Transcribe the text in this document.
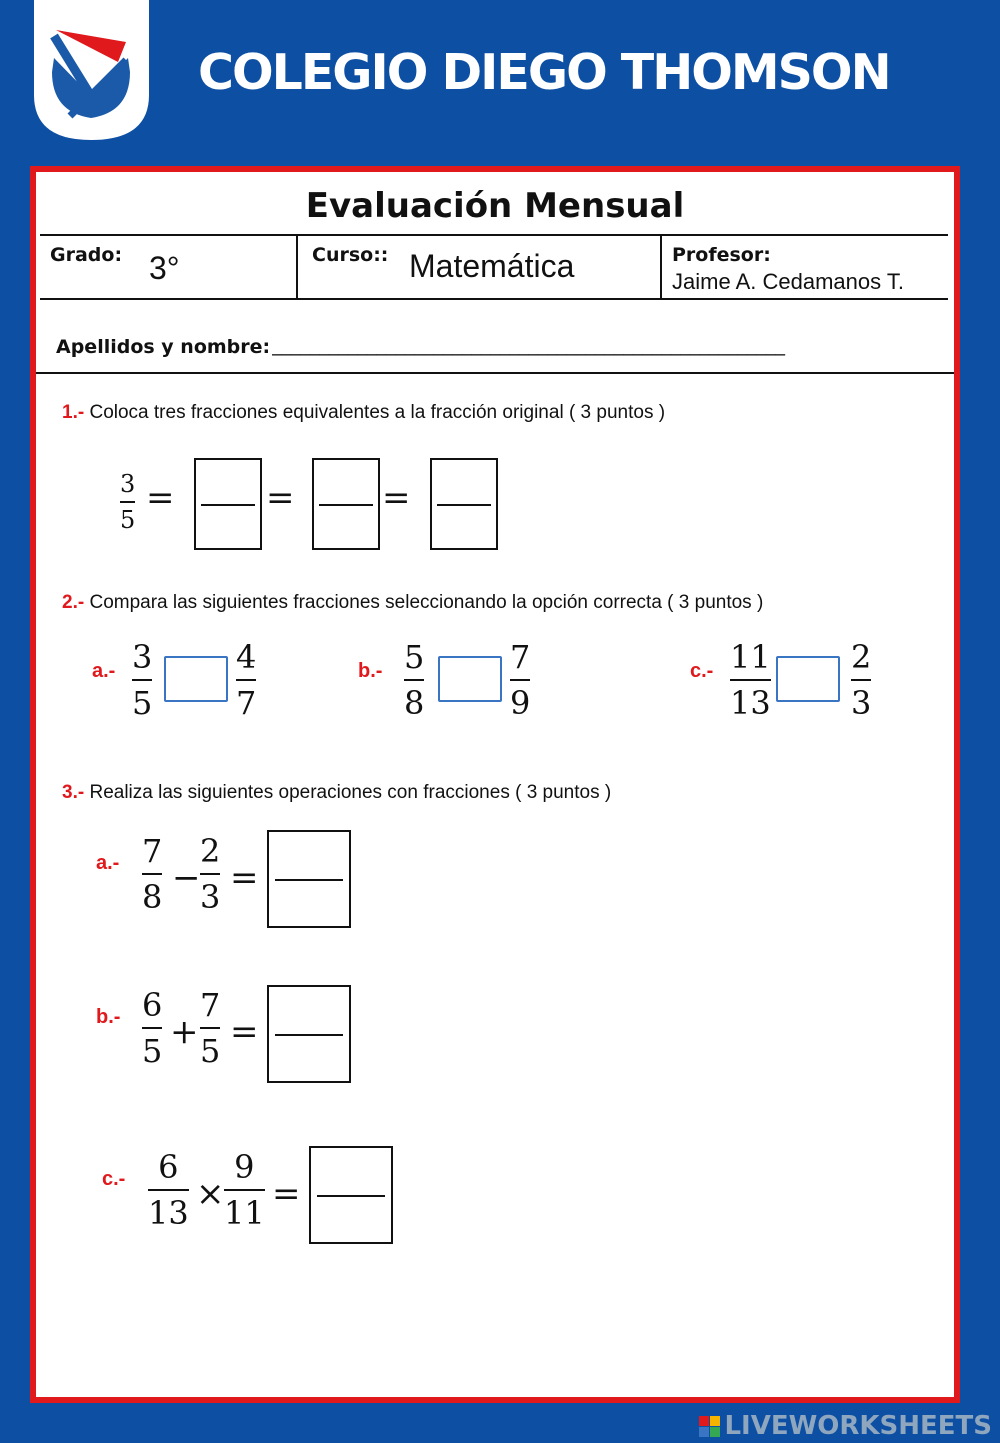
COLEGIO DIEGO THOMSON
Evaluación Mensual
Grado: 3°	Curso:: Matemática	Profesor:
Jaime A. Cedamanos T.
Apellidos y nombre: ______________________________________________________
1.- Coloca tres fracciones equivalentes a la fracción original ( 3 puntos )
3
5
=	=	=
2.- Compara las siguientes fracciones seleccionando la opción correcta ( 3 puntos )
a.- 3
5
4
7
b.- 5
8
7
9
c.- 11
13
2
3
3.- Realiza las siguientes operaciones con fracciones ( 3 puntos )
a.- 7
8 −
2
3 =
b.- 6
5 +
7
5 =
c.- 6
13 ×
9
11 =
LIVEWORKSHEETS
